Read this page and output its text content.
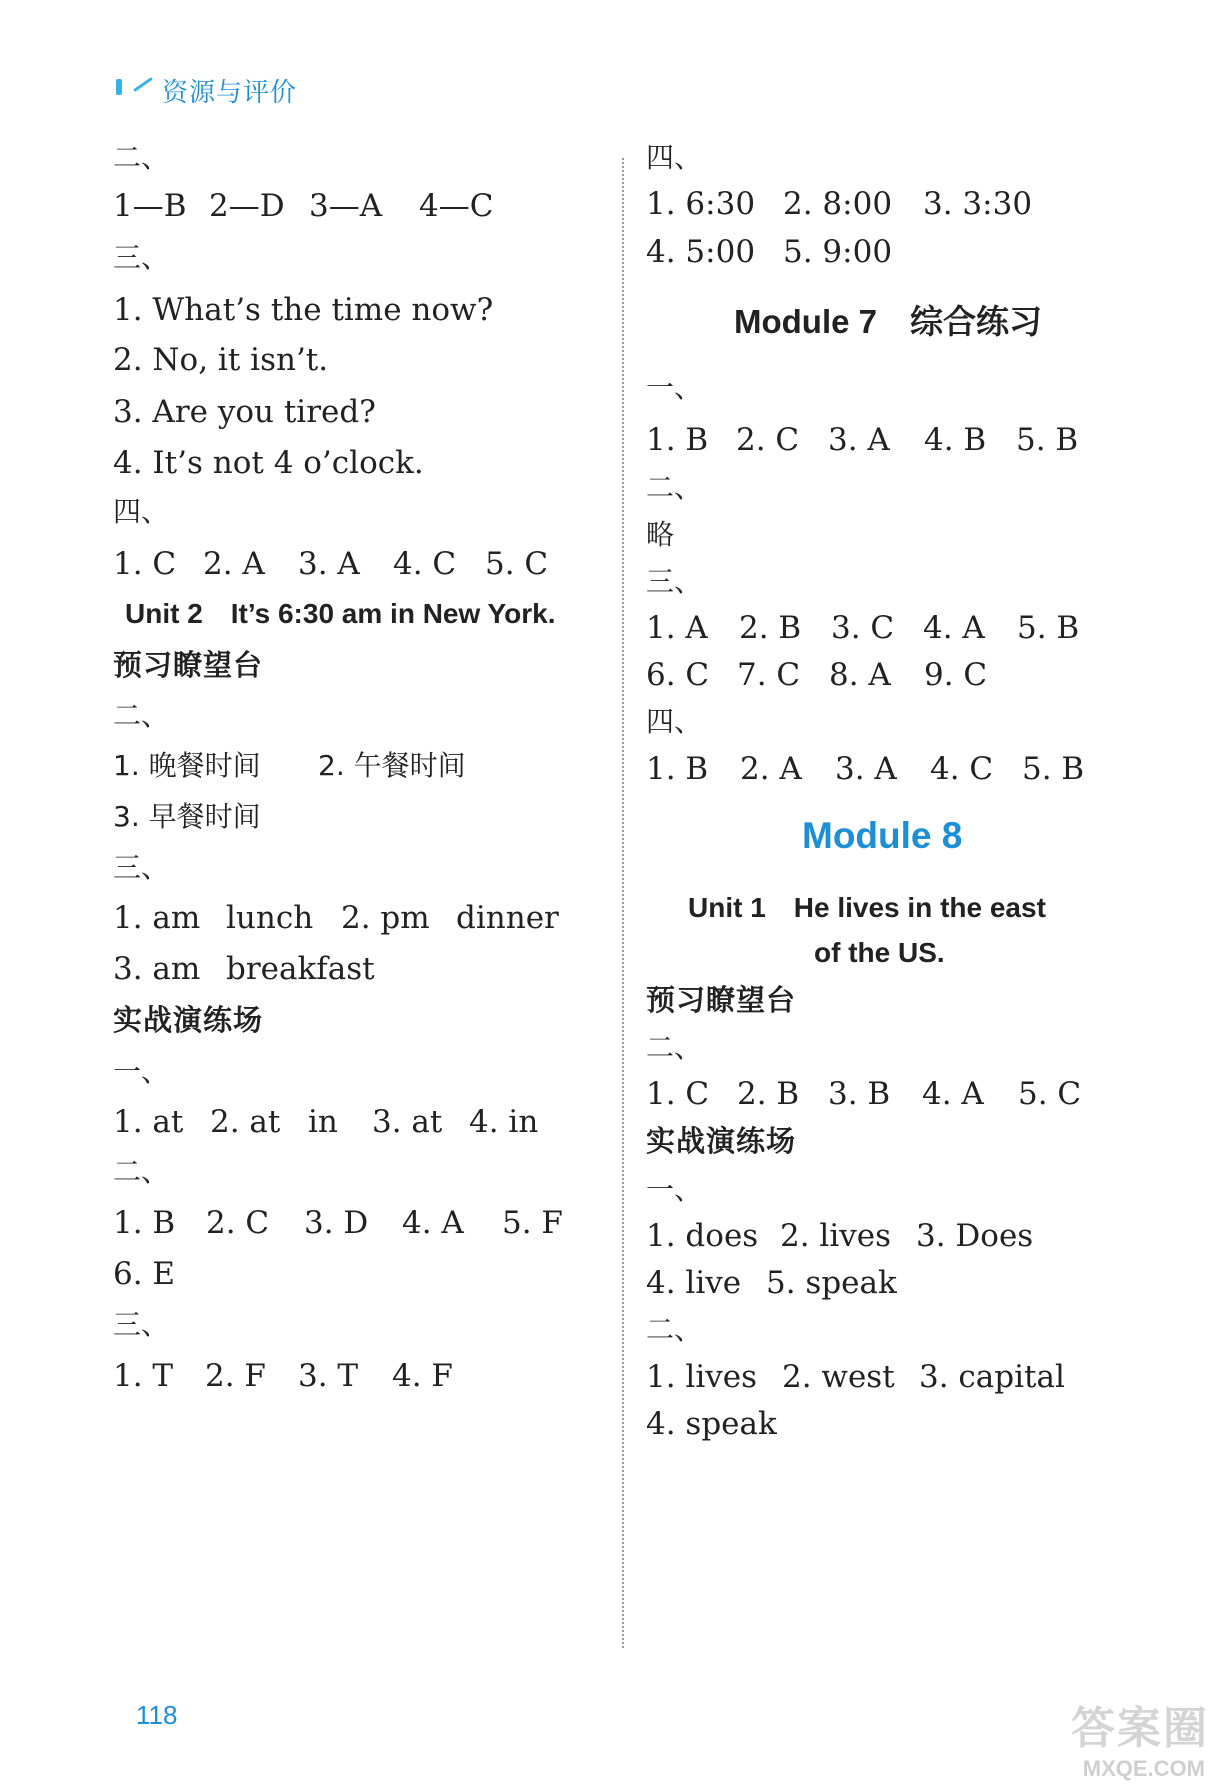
资源与评价
二、
1—B 2—D 3—A 4—C
三、
1. What’s the time now?
2. No, it isn’t.
3. Are you tired?
4. It’s not 4 o’clock.
四、
1. C 2. A 3. A 4. C 5. C
Unit 2　It’s 6:30 am in New York.
预习瞭望台
二、
1. 晚餐时间 2. 午餐时间
3. 早餐时间
三、
1. am lunch 2. pm dinner
3. am breakfast
实战演练场
一、
1. at 2. at in 3. at 4. in
二、
1. B 2. C 3. D 4. A 5. F
6. E
三、
1. T 2. F 3. T 4. F
四、
1. 6:30 2. 8:00 3. 3:30
4. 5:00 5. 9:00
Module 7　综合练习
一、
1. B 2. C 3. A 4. B 5. B
二、
略
三、
1. A 2. B 3. C 4. A 5. B
6. C 7. C 8. A 9. C
四、
1. B 2. A 3. A 4. C 5. B
Module 8
Unit 1　He lives in the east
of the US.
预习瞭望台
二、
1. C 2. B 3. B 4. A 5. C
实战演练场
一、
1. does 2. lives 3. Does
4. live 5. speak
二、
1. lives 2. west 3. capital
4. speak
118	答案圈
MXQE.COM
